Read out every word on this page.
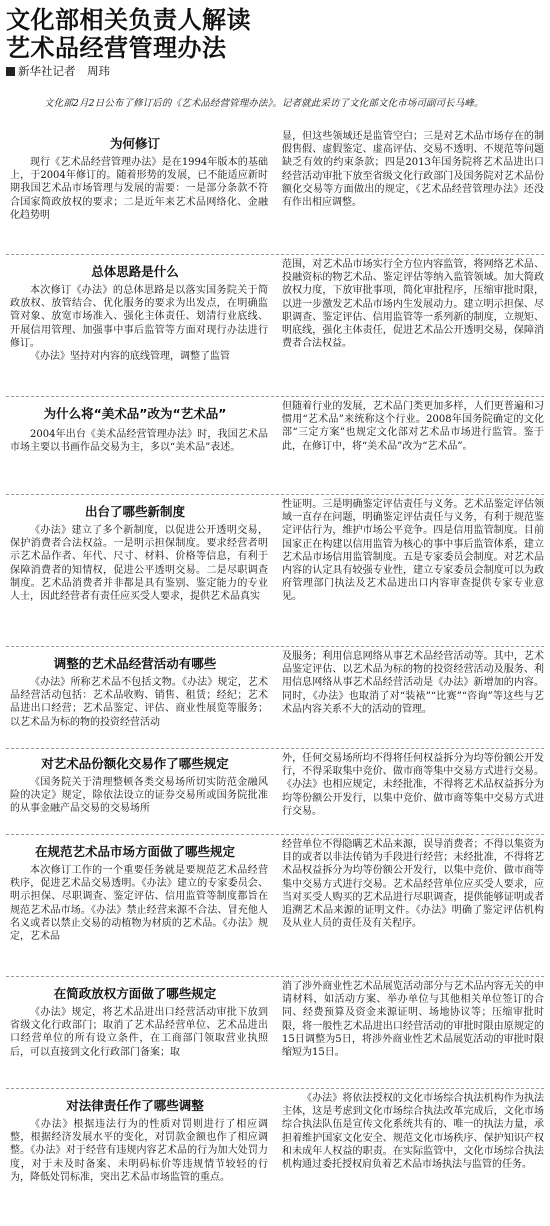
文化部相关负责人解读
艺术品经营管理办法
新华社记者　周玮
文化部2月2日公布了修订后的《艺术品经营管理办法》。记者就此采访了文化部文化市场司副司长马峰。
为何修订

现行《艺术品经营管理办法》是在1994年版本的基础上，于2004年修订的。随着形势的发展，已不能适应新时期我国艺术品市场管理与发展的需要：一是部分条款不符合国家简政放权的要求；二是近年来艺术品网络化、金融化趋势明

显，但这些领域还是监管空白；三是对艺术品市场存在的制假售假、虚假鉴定、虚高评估、交易不透明、不规范等问题缺乏有效的约束条款；四是2013年国务院将艺术品进出口经营活动审批下放至省级文化行政部门及国务院对艺术品份额化交易等方面做出的规定，《艺术品经营管理办法》还没有作出相应调整。

总体思路是什么

本次修订《办法》的总体思路是以落实国务院关于简政放权、放管结合、优化服务的要求为出发点，在明确监管对象、放宽市场准入、强化主体责任、划清行业底线、开展信用管理、加强事中事后监管等方面对现行办法进行修订。

《办法》坚持对内容的底线管理，调整了监管

范围，对艺术品市场实行全方位内容监管，将网络艺术品、投融资标的物艺术品、鉴定评估等纳入监管领域。加大简政放权力度，下放审批事项，简化审批程序，压缩审批时限，以进一步激发艺术品市场内生发展动力。建立明示担保、尽职调查、鉴定评估、信用监管等一系列新的制度，立规矩、明底线，强化主体责任，促进艺术品公开透明交易，保障消费者合法权益。

为什么将“美术品”改为“艺术品”

2004年出台《美术品经营管理办法》时，我国艺术品市场主要以书画作品交易为主，多以“美术品”表述。

但随着行业的发展，艺术品门类更加多样，人们更普遍和习惯用“艺术品”来统称这个行业。2008年国务院确定的文化部“三定方案”也规定文化部对艺术品市场进行监管。鉴于此，在修订中，将“美术品”改为“艺术品”。

出台了哪些新制度

《办法》建立了多个新制度，以促进公开透明交易，保护消费者合法权益。一是明示担保制度。要求经营者明示艺术品作者、年代、尺寸、材料、价格等信息，有利于保障消费者的知情权，促进公平透明交易。二是尽职调查制度。艺术品消费者并非都是具有鉴别、鉴定能力的专业人士，因此经营者有责任应买受人要求，提供艺术品真实

性证明。三是明确鉴定评估责任与义务。艺术品鉴定评估领域一直存在问题，明确鉴定评估责任与义务，有利于规范鉴定评估行为，维护市场公平竞争。四是信用监管制度。目前国家正在构建以信用监管为核心的事中事后监管体系，建立艺术品市场信用监管制度。五是专家委员会制度。对艺术品内容的认定具有较强专业性，建立专家委员会制度可以为政府管理部门执法及艺术品进出口内容审查提供专家专业意见。

调整的艺术品经营活动有哪些

《办法》所称艺术品不包括文物。《办法》规定，艺术品经营活动包括：艺术品收购、销售、租赁；经纪；艺术品进出口经营；艺术品鉴定、评估、商业性展览等服务；以艺术品为标的物的投资经营活动

及服务；利用信息网络从事艺术品经营活动等。其中，艺术品鉴定评估、以艺术品为标的物的投资经营活动及服务、利用信息网络从事艺术品经营活动是《办法》新增加的内容。同时，《办法》也取消了对“装裱”“比赛”“咨询”等这些与艺术品内容关系不大的活动的管理。

对艺术品份额化交易作了哪些规定

《国务院关于清理整顿各类交易场所切实防范金融风险的决定》规定，除依法设立的证券交易所或国务院批准的从事金融产品交易的交易场所

外，任何交易场所均不得将任何权益拆分为均等份额公开发行，不得采取集中竞价、做市商等集中交易方式进行交易。《办法》也相应规定，未经批准，不得将艺术品权益拆分为均等份额公开发行，以集中竞价、做市商等集中交易方式进行交易。

在规范艺术品市场方面做了哪些规定

本次修订工作的一个重要任务就是要规范艺术品经营秩序，促进艺术品交易透明。《办法》建立的专家委员会、明示担保、尽职调查、鉴定评估、信用监管等制度都旨在规范艺术品市场。《办法》禁止经营来源不合法、冒充他人名义或者以禁止交易的动植物为材质的艺术品。《办法》规定，艺术品

经营单位不得隐瞒艺术品来源，误导消费者；不得以集资为目的或者以非法传销为手段进行经营；未经批准，不得将艺术品权益拆分为均等份额公开发行，以集中竞价、做市商等集中交易方式进行交易。艺术品经营单位应买受人要求，应当对买受人购买的艺术品进行尽职调查，提供能够证明或者追溯艺术品来源的证明文件。《办法》明确了鉴定评估机构及从业人员的责任及有关程序。

在简政放权方面做了哪些规定

《办法》规定，将艺术品进出口经营活动审批下放到省级文化行政部门；取消了艺术品经营单位、艺术品进出口经营单位的所有设立条件，在工商部门领取营业执照后，可以直接到文化行政部门备案；取

消了涉外商业性艺术品展览活动部分与艺术品内容无关的申请材料，如活动方案、举办单位与其他相关单位签订的合同、经费预算及资金来源证明、场地协议等；压缩审批时限，将一般性艺术品进出口经营活动的审批时限由原规定的15日调整为5日，将涉外商业性艺术品展览活动的审批时限缩短为15日。

对法律责任作了哪些调整

《办法》根据违法行为的性质对罚则进行了相应调整，根据经济发展水平的变化，对罚款金额也作了相应调整。《办法》对于经营有违规内容艺术品的行为加大处罚力度，对于未及时备案、未明码标价等违规情节较轻的行为，降低处罚标准，突出艺术品市场监管的重点。

《办法》将依法授权的文化市场综合执法机构作为执法主体，这是考虑到文化市场综合执法改革完成后，文化市场综合执法队伍是宣传文化系统共有的、唯一的执法力量，承担着维护国家文化安全、规范文化市场秩序、保护知识产权和未成年人权益的职责。在实际监管中，文化市场综合执法机构通过委托授权肩负着艺术品市场执法与监管的任务。
